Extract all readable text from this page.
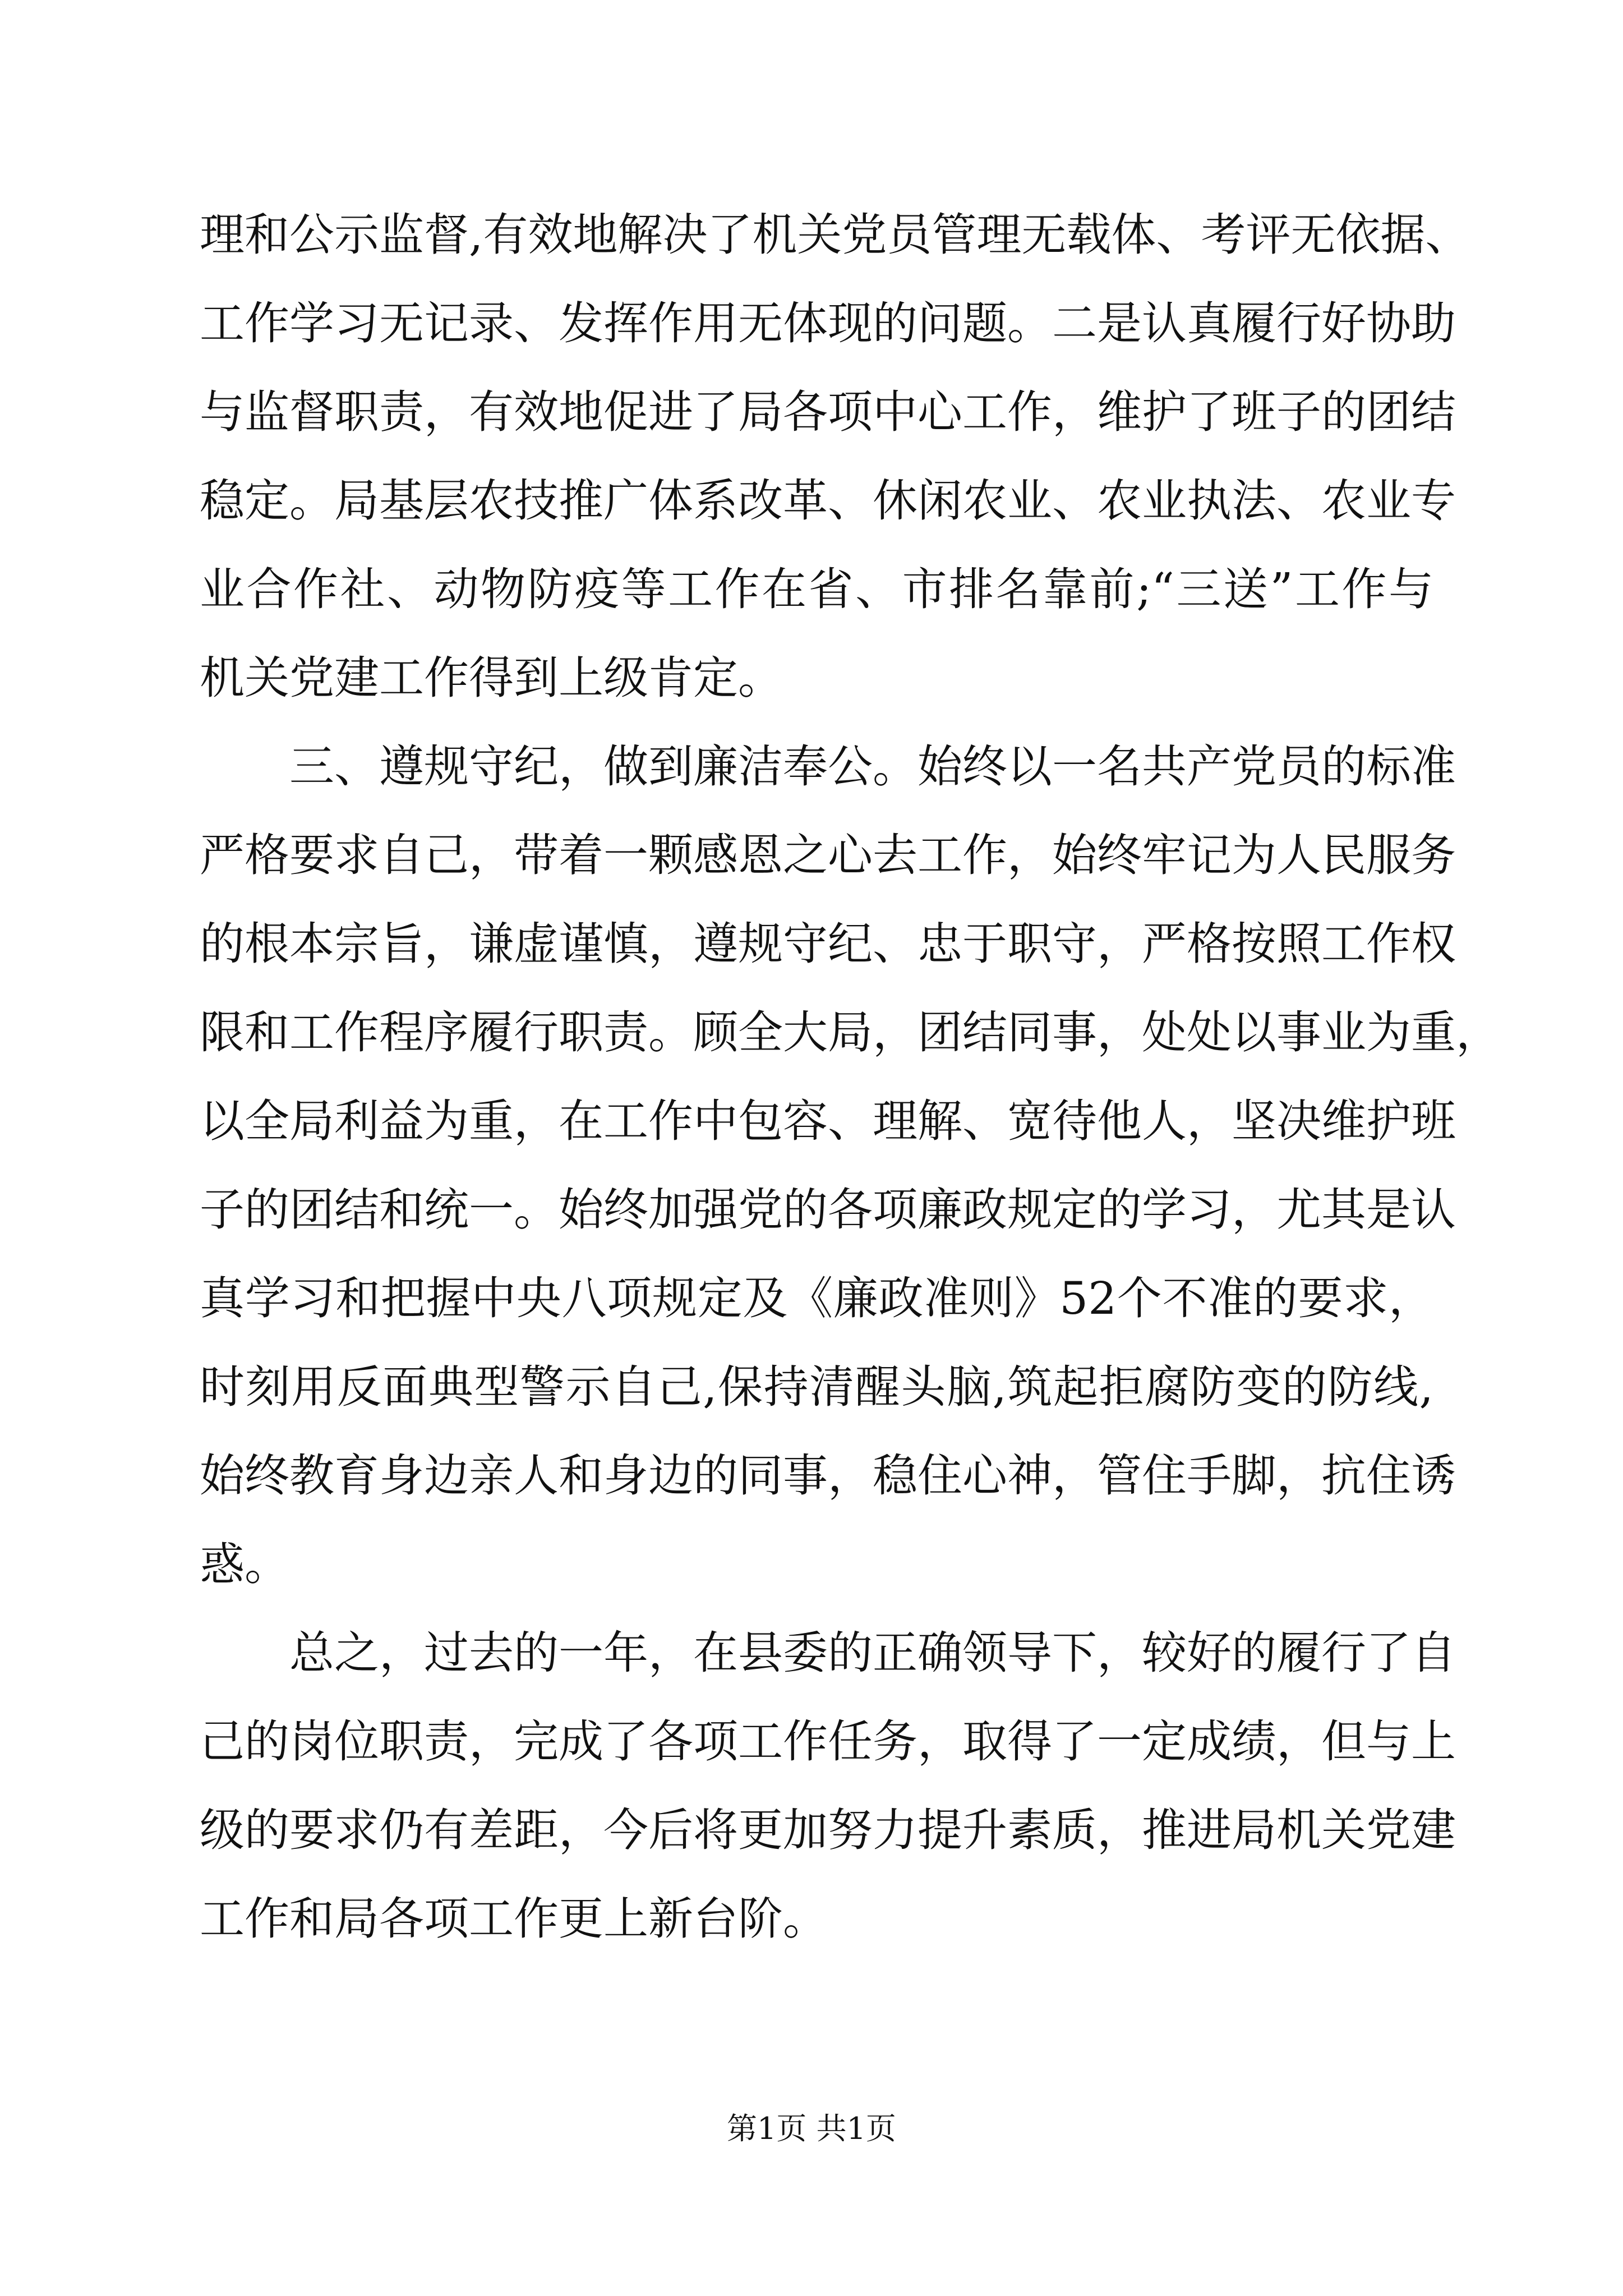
理和公示监督,有效地解决了机关党员管理无载体、考评无依据、
工作学习无记录、发挥作用无体现的问题。二是认真履行好协助
与监督职责，有效地促进了局各项中心工作，维护了班子的团结
稳定。局基层农技推广体系改革、休闲农业、农业执法、农业专
业合作社、动物防疫等工作在省、市排名靠前;“三送”工作与
机关党建工作得到上级肯定。
三、遵规守纪，做到廉洁奉公。始终以一名共产党员的标准
严格要求自己，带着一颗感恩之心去工作，始终牢记为人民服务
的根本宗旨，谦虚谨慎，遵规守纪、忠于职守，严格按照工作权
限和工作程序履行职责。顾全大局，团结同事，处处以事业为重，
以全局利益为重，在工作中包容、理解、宽待他人，坚决维护班
子的团结和统一。始终加强党的各项廉政规定的学习，尤其是认
真学习和把握中央八项规定及《廉政准则》52个不准的要求，
时刻用反面典型警示自己,保持清醒头脑,筑起拒腐防变的防线,
始终教育身边亲人和身边的同事，稳住心神，管住手脚，抗住诱
惑。
总之，过去的一年，在县委的正确领导下，较好的履行了自
己的岗位职责，完成了各项工作任务，取得了一定成绩，但与上
级的要求仍有差距，今后将更加努力提升素质，推进局机关党建
工作和局各项工作更上新台阶。
第1页 共1页
